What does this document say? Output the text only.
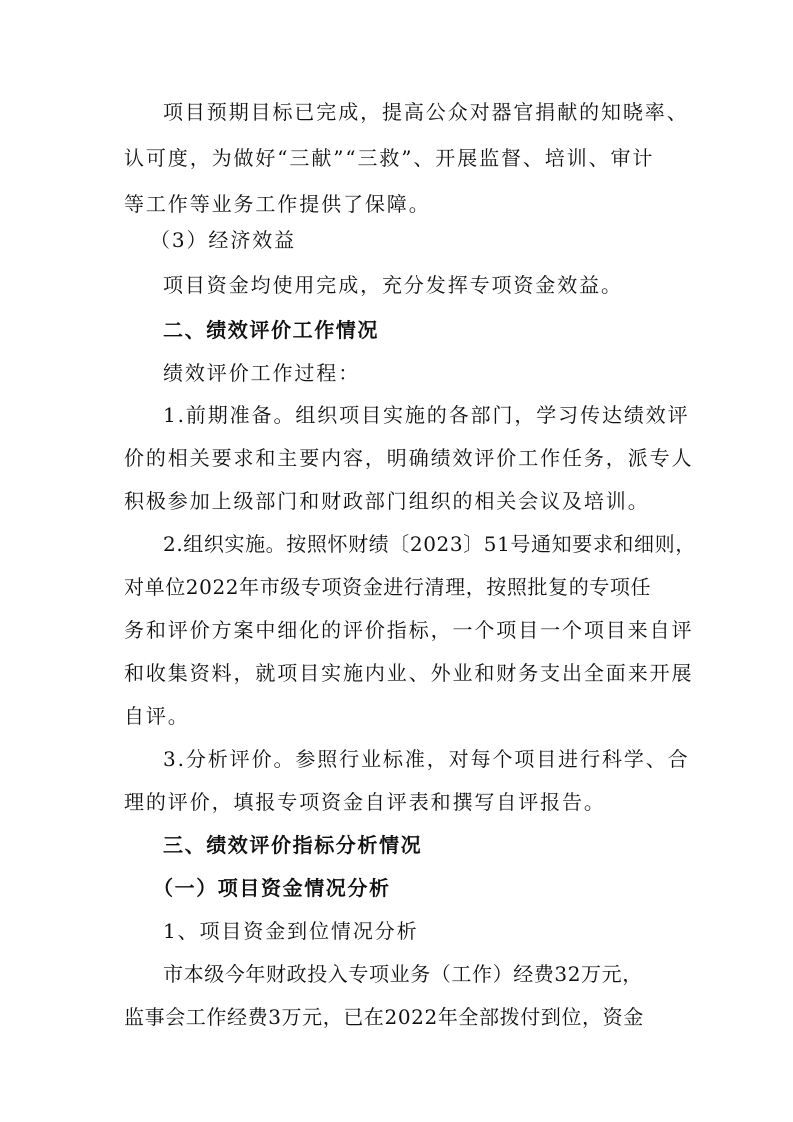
项目预期目标已完成，提高公众对器官捐献的知晓率、
认可度，为做好“三献”“三救”、开展监督、培训、审计
等工作等业务工作提供了保障。
（3）经济效益
项目资金均使用完成，充分发挥专项资金效益。
二、绩效评价工作情况
绩效评价工作过程：
1.前期准备。组织项目实施的各部门，学习传达绩效评
价的相关要求和主要内容，明确绩效评价工作任务，派专人
积极参加上级部门和财政部门组织的相关会议及培训。
2.组织实施。按照怀财绩〔2023〕51号通知要求和细则，
对单位2022年市级专项资金进行清理，按照批复的专项任
务和评价方案中细化的评价指标，一个项目一个项目来自评
和收集资料，就项目实施内业、外业和财务支出全面来开展
自评。
3.分析评价。参照行业标准，对每个项目进行科学、合
理的评价，填报专项资金自评表和撰写自评报告。
三、绩效评价指标分析情况
（一）项目资金情况分析
1、项目资金到位情况分析
市本级今年财政投入专项业务（工作）经费32万元，
监事会工作经费3万元，已在2022年全部拨付到位，资金
